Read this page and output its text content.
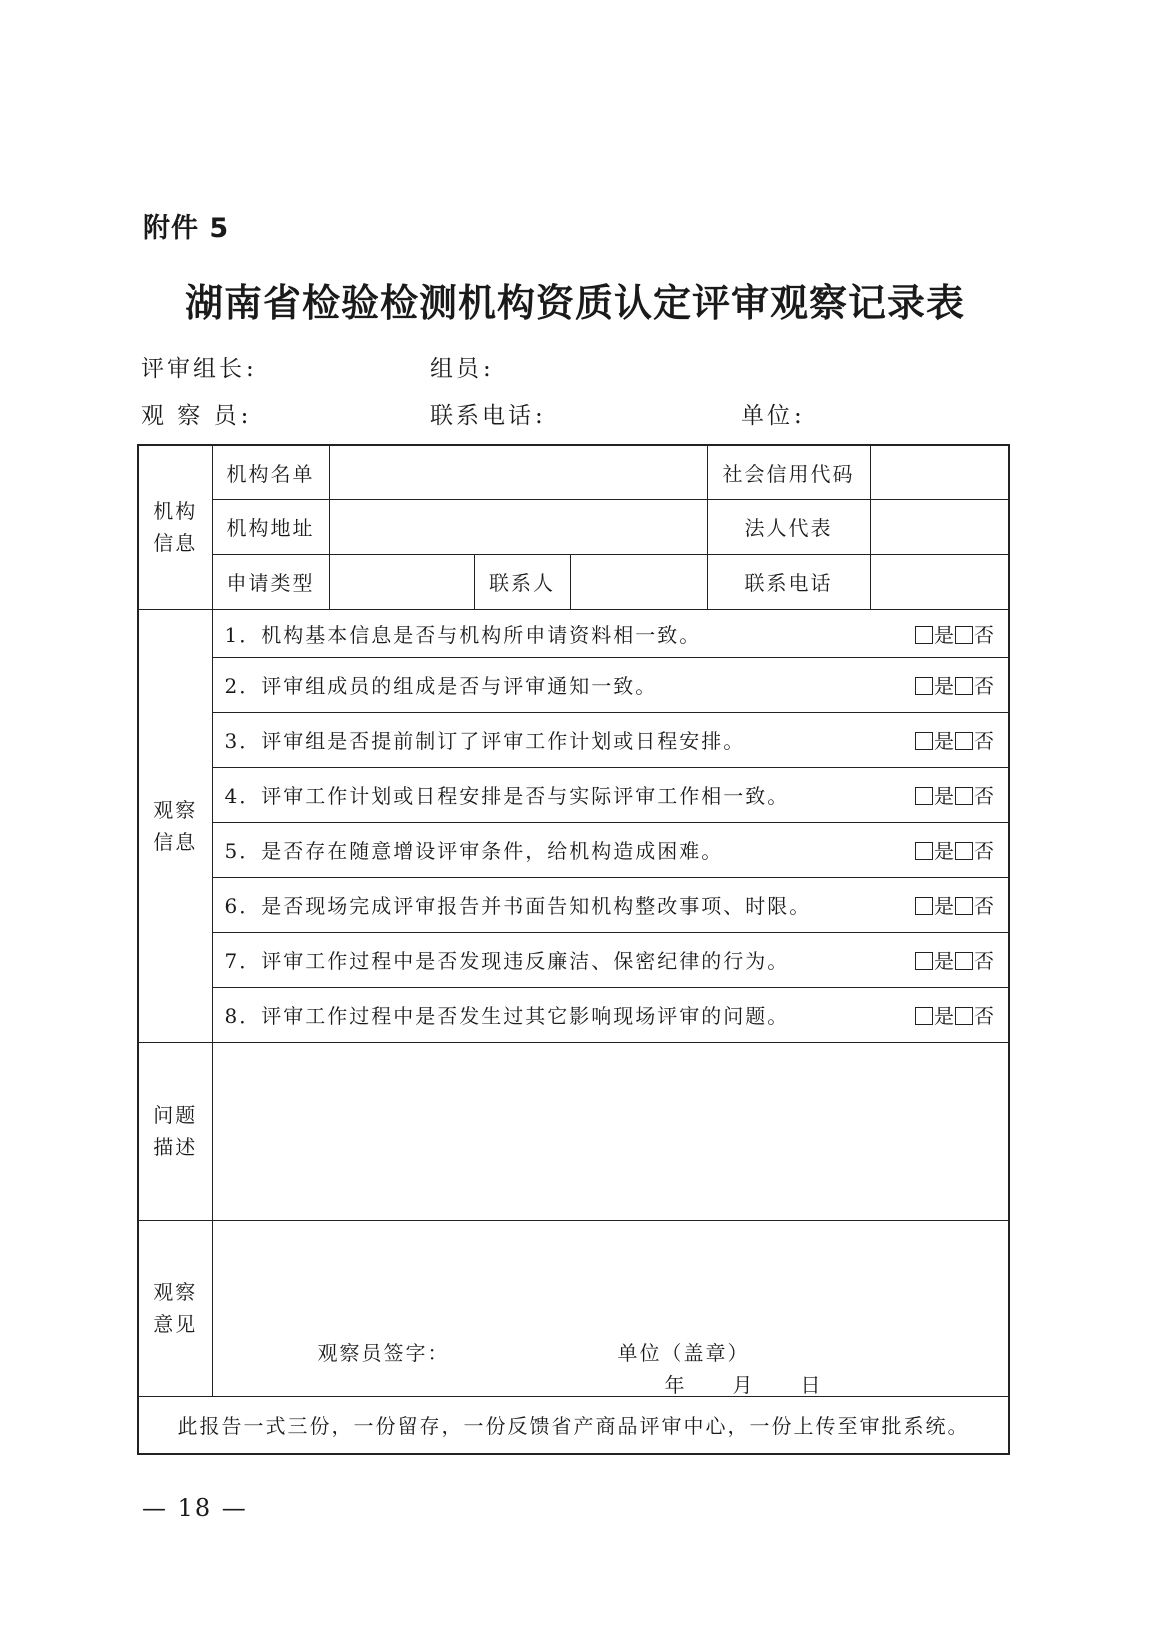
附件 5
湖南省检验检测机构资质认定评审观察记录表
评审组长:	组员:
观 察 员:	联系电话:	单位:
机构
信息	机构名单				社会信用代码	
	机构地址				法人代表	
	申请类型		联系人		联系电话	
观察
信息	1．机构基本信息是否与机构所申请资料相一致。 是 否					

	2．评审组成员的组成是否与评审通知一致。 是 否					

	3．评审组是否提前制订了评审工作计划或日程安排。 是 否					

	4．评审工作计划或日程安排是否与实际评审工作相一致。 是 否					

	5．是否存在随意增设评审条件，给机构造成困难。 是 否					

	6．是否现场完成评审报告并书面告知机构整改事项、时限。 是 否					

	7．评审工作过程中是否发现违反廉洁、保密纪律的行为。 是 否					

	8．评审工作过程中是否发生过其它影响现场评审的问题。 是 否					

问题
描述						
观察
意见	观察员签字： 单位（盖章）
年 月 日					

此报告一式三份，一份留存，一份反馈省产商品评审中心，一份上传至审批系统。						
— 18 —
